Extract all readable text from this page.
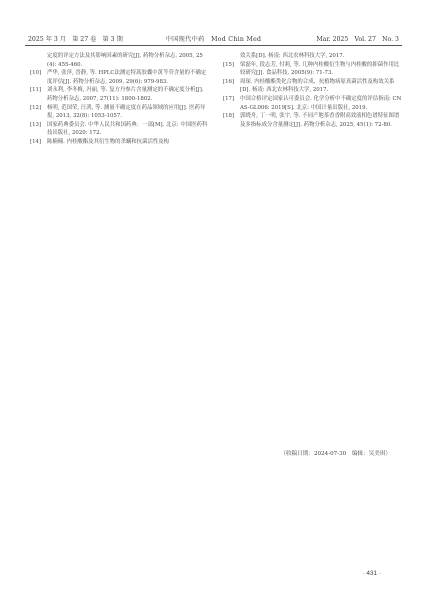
2025 年 3 月　第 27 卷　第 3 期	中国现代中药　Mod Chin Med	Mar. 2025　Vol. 27　No. 3
定度的评定方法及其影响因素的研究[J]. 药物分析杂志, 2005, 25(4): 455-460.
[10]	严华, 张萍, 晋静, 等. HPLC法测定特蒿胶囊中黄芩苷含量的不确定度评估[J]. 药物分析杂志, 2009, 29(6): 979-983.
[11]	刘永利, 李冬梅, 冯丽, 等. 复方丹参片含量测定的不确定度分析[J]. 药物分析杂志, 2007, 27(11): 1800-1802.
[12]	杨明, 范国荣, 汪鸿, 等. 测量不确定度在药品领域的应用[J]. 医药导报, 2013, 32(8): 1053-1057.
[13]	国家药典委员会. 中华人民共和国药典：一部[M]. 北京: 中国医药科技出版社, 2020: 172.
[14]	陈楠楠. 内桂酸酯及其衍生物的杀螨和抗菌活性及构
效关系[D]. 杨凌: 西北农林科技大学, 2017.
[15]	梁磊年, 段志芳, 付莉, 等. 几种内桂酸衍生物与内桂酸的抑菌作用比较研究[J]. 食品科技, 2005(9): 71-73.
[16]	周琛. 内桂酸酯类化合物的合成、抗植物病原真菌活性及构效关系[D]. 杨凌: 西北农林科技大学, 2017.
[17]	中国合格评定国家认可委员会. 化学分析中不确定度的评估指南: CNAS-GL006: 2019[S]. 北京: 中国计量出版社, 2019.
[18]	郭晓舟, 丁一明, 张宇, 等. 不同产地茶香香附高效液相色谱特征图谱及多指标成分含量测定[J]. 药物分析杂志, 2025, 45(1): 72-80.
（收稿日期：2024-07-30　编辑：吴美琪）
· 431 ·
